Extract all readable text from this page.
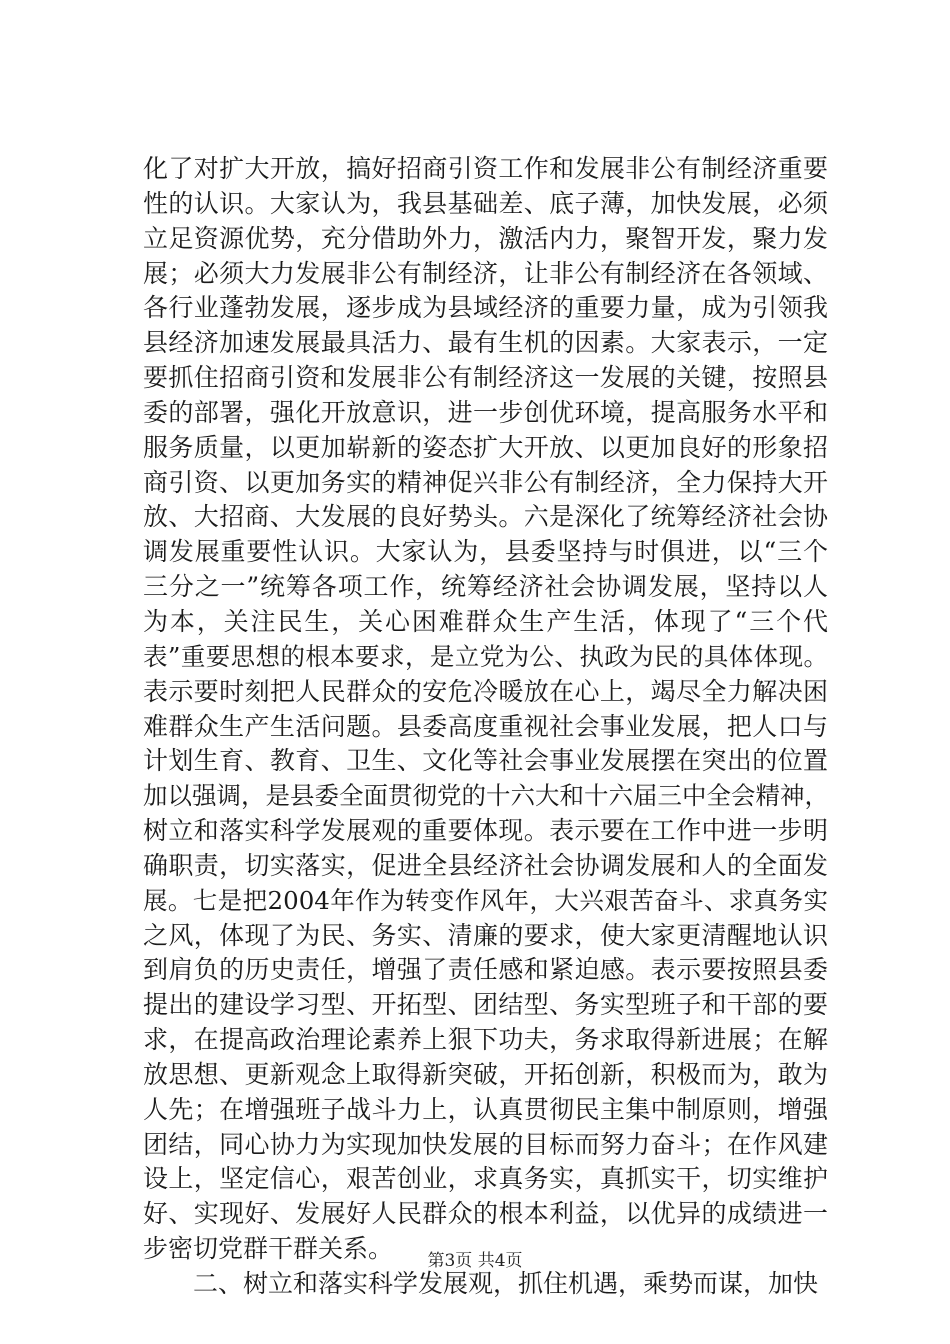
化了对扩大开放，搞好招商引资工作和发展非公有制经济重要
性的认识。大家认为，我县基础差、底子薄，加快发展，必须
立足资源优势，充分借助外力，激活内力，聚智开发，聚力发
展；必须大力发展非公有制经济，让非公有制经济在各领域、
各行业蓬勃发展，逐步成为县域经济的重要力量，成为引领我
县经济加速发展最具活力、最有生机的因素。大家表示，一定
要抓住招商引资和发展非公有制经济这一发展的关键，按照县
委的部署，强化开放意识，进一步创优环境，提高服务水平和
服务质量，以更加崭新的姿态扩大开放、以更加良好的形象招
商引资、以更加务实的精神促兴非公有制经济，全力保持大开
放、大招商、大发展的良好势头。六是深化了统筹经济社会协
调发展重要性认识。大家认为，县委坚持与时俱进，以“三个
三分之一”统筹各项工作，统筹经济社会协调发展，坚持以人
为本，关注民生，关心困难群众生产生活，体现了“三个代
表”重要思想的根本要求，是立党为公、执政为民的具体体现。
表示要时刻把人民群众的安危冷暖放在心上，竭尽全力解决困
难群众生产生活问题。县委高度重视社会事业发展，把人口与
计划生育、教育、卫生、文化等社会事业发展摆在突出的位置
加以强调，是县委全面贯彻党的十六大和十六届三中全会精神，
树立和落实科学发展观的重要体现。表示要在工作中进一步明
确职责，切实落实，促进全县经济社会协调发展和人的全面发
展。七是把2004年作为转变作风年，大兴艰苦奋斗、求真务实
之风，体现了为民、务实、清廉的要求，使大家更清醒地认识
到肩负的历史责任，增强了责任感和紧迫感。表示要按照县委
提出的建设学习型、开拓型、团结型、务实型班子和干部的要
求，在提高政治理论素养上狠下功夫，务求取得新进展；在解
放思想、更新观念上取得新突破，开拓创新，积极而为，敢为
人先；在增强班子战斗力上，认真贯彻民主集中制原则，增强
团结，同心协力为实现加快发展的目标而努力奋斗；在作风建
设上，坚定信心，艰苦创业，求真务实，真抓实干，切实维护
好、实现好、发展好人民群众的根本利益，以优异的成绩进一
步密切党群干群关系。
二、树立和落实科学发展观，抓住机遇，乘势而谋，加快
第3页 共4页
